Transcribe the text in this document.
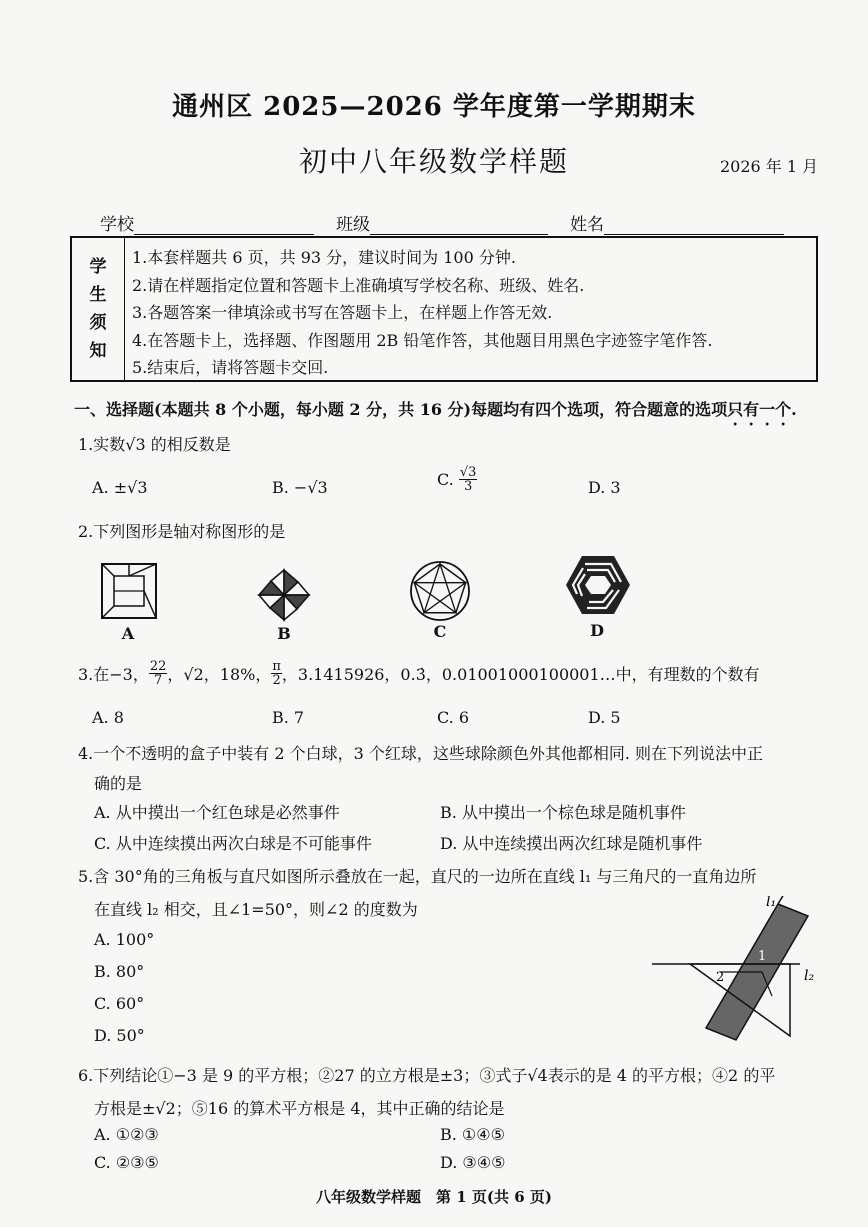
通州区 2025—2026 学年度第一学期期末
初中八年级数学样题	2026 年 1 月
学校	班级	姓名
学
生
须
知
1.本套样题共 6 页，共 93 分，建议时间为 100 分钟.
2.请在样题指定位置和答题卡上准确填写学校名称、班级、姓名.
3.各题答案一律填涂或书写在答题卡上，在样题上作答无效.
4.在答题卡上，选择题、作图题用 2B 铅笔作答，其他题目用黑色字迹签字笔作答.
5.结束后，请将答题卡交回.
一、选择题(本题共 8 个小题，每小题 2 分，共 16 分)每题均有四个选项，符合题意的选项只有一个.
1.实数√3 的相反数是
A. ±√3	B. −√3	C. $\frac{√3}{3}$	D. 3
2.下列图形是轴对称图形的是
A	B	C	D
3.在−3， $\frac{22}{7}$ ，√2，18%， $\frac{\pi}{2}$ ，3.1415926，0.3̇，0.01001000100001…中，有理数的个数有
A. 8	B. 7	C. 6	D. 5
4.一个不透明的盒子中装有 2 个白球，3 个红球，这些球除颜色外其他都相同. 则在下列说法中正
确的是
A. 从中摸出一个红色球是必然事件	B. 从中摸出一个棕色球是随机事件
C. 从中连续摸出两次白球是不可能事件	D. 从中连续摸出两次红球是随机事件
5.含 30°角的三角板与直尺如图所示叠放在一起，直尺的一边所在直线 l₁ 与三角尺的一直角边所
在直线 l₂ 相交，且∠1=50°，则∠2 的度数为
A. 100°
B. 80°
C. 60°
D. 50°
l₁
l₂
1
2
6.下列结论①−3 是 9 的平方根；②27 的立方根是±3；③式子√4表示的是 4 的平方根；④2 的平
方根是±√2；⑤16 的算术平方根是 4，其中正确的结论是
A. ①②③	B. ①④⑤
C. ②③⑤	D. ③④⑤
八年级数学样题　第 1 页(共 6 页)
